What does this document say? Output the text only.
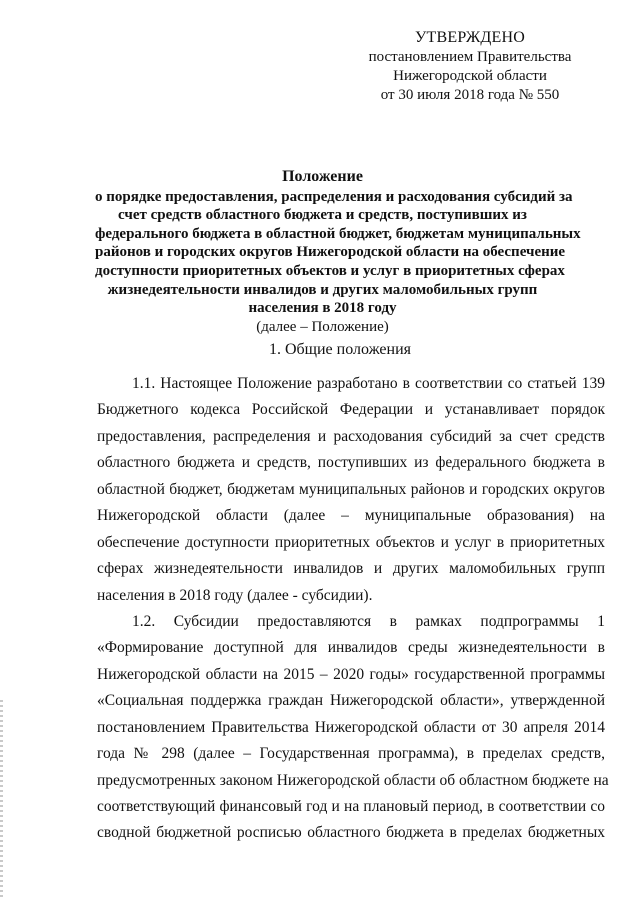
УТВЕРЖДЕНО
постановлением Правительства
Нижегородской области
от 30 июля 2018 года № 550
Положение
о порядке предоставления, распределения и расходования субсидий за
счет средств областного бюджета и средств, поступивших из
федерального бюджета в областной бюджет, бюджетам муниципальных
районов и городских округов Нижегородской области на обеспечение
доступности приоритетных объектов и услуг в приоритетных сферах
жизнедеятельности инвалидов и других маломобильных групп
населения в 2018 году
(далее – Положение)
1. Общие положения
1.1. Настоящее Положение разработано в соответствии со статьей 139
Бюджетного кодекса Российской Федерации и устанавливает порядок
предоставления, распределения и расходования субсидий за счет средств
областного бюджета и средств, поступивших из федерального бюджета в
областной бюджет, бюджетам муниципальных районов и городских округов
Нижегородской области (далее – муниципальные образования) на
обеспечение доступности приоритетных объектов и услуг в приоритетных
сферах жизнедеятельности инвалидов и других маломобильных групп
населения в 2018 году (далее - субсидии).
1.2. Субсидии предоставляются в рамках подпрограммы 1
«Формирование доступной для инвалидов среды жизнедеятельности в
Нижегородской области на 2015 – 2020 годы» государственной программы
«Социальная поддержка граждан Нижегородской области», утвержденной
постановлением Правительства Нижегородской области от 30 апреля 2014
года № 298 (далее – Государственная программа), в пределах средств,
предусмотренных законом Нижегородской области об областном бюджете на
соответствующий финансовый год и на плановый период, в соответствии со
сводной бюджетной росписью областного бюджета в пределах бюджетных
